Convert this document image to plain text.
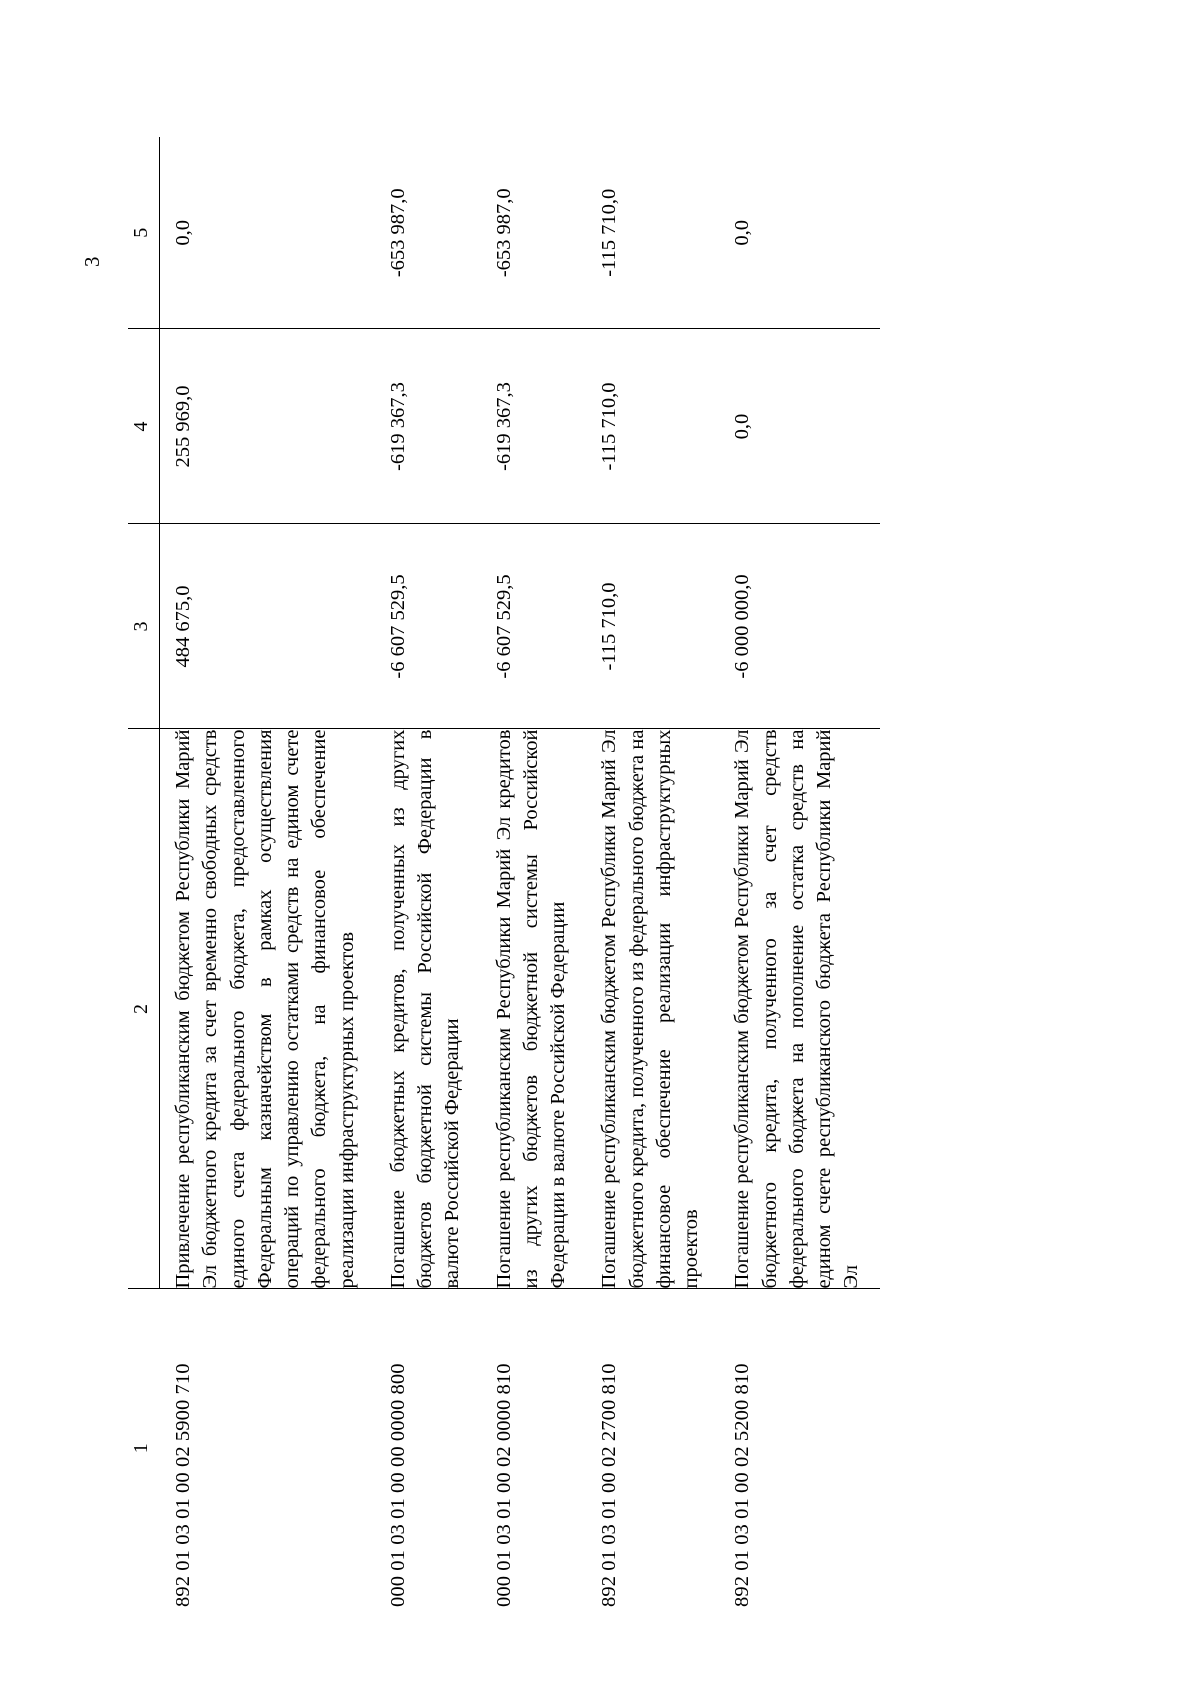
3
1	2	3	4	5
892 01 03 01 00 02 5900 710	Привлечение республиканским бюджетом Республики Марий Эл бюджетного кредита за счет временно свободных средств единого счета федерального бюджета, предоставленного Федеральным казначейством в рамках осуществления операций по управлению остатками средств на едином счете федерального бюджета, на финансовое обеспечение реализации инфраструктурных проектов	484 675,0	255 969,0	0,0
000 01 03 01 00 00 0000 800	Погашение бюджетных кредитов, полученных из других бюджетов бюджетной системы Российской Федерации в валюте Российской Федерации	-6 607 529,5	-619 367,3	-653 987,0
000 01 03 01 00 02 0000 810	Погашение республиканским Республики Марий Эл кредитов из других бюджетов бюджетной системы Российской Федерации в валюте Российской Федерации	-6 607 529,5	-619 367,3	-653 987,0
892 01 03 01 00 02 2700 810	Погашение республиканским бюджетом Республики Марий Эл бюджетного кредита, полученного из федерального бюджета на финансовое обеспечение реализации инфраструктурных проектов	-115 710,0	-115 710,0	-115 710,0
892 01 03 01 00 02 5200 810	Погашение республиканским бюджетом Республики Марий Эл бюджетного кредита, полученного за счет средств федерального бюджета на пополнение остатка средств на едином счете республиканского бюджета Республики Марий Эл	-6 000 000,0	0,0	0,0
